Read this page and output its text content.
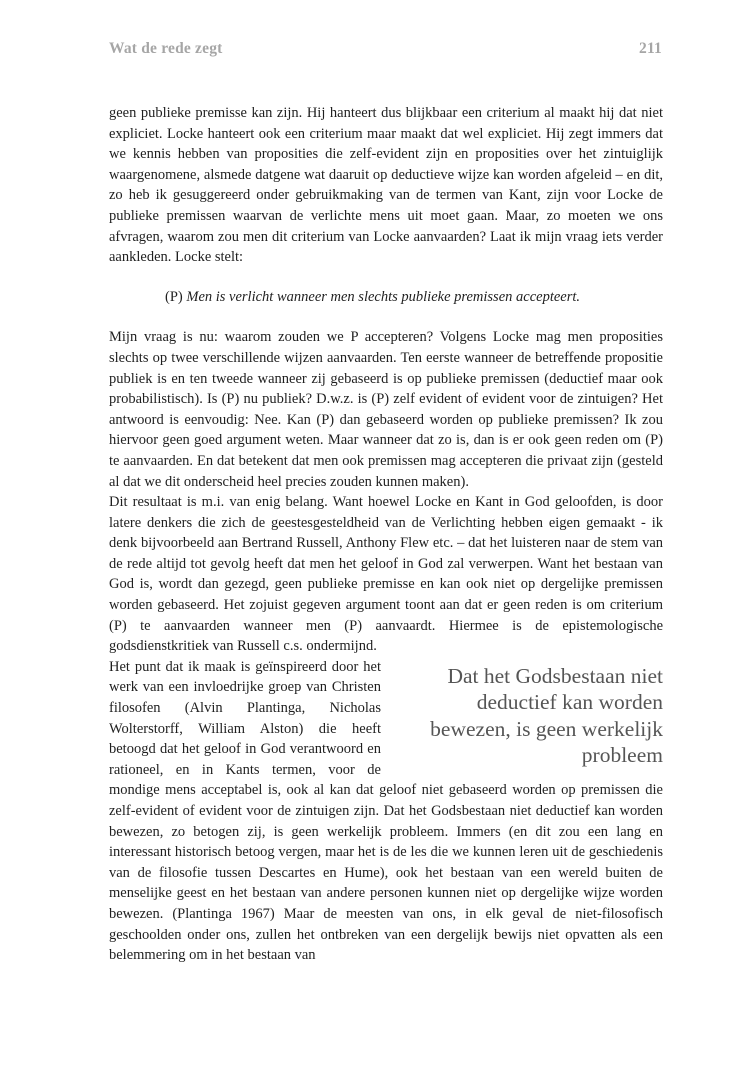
Wat de rede zegt	211

geen publieke premisse kan zijn. Hij hanteert dus blijkbaar een criterium al maakt hij dat niet expliciet. Locke hanteert ook een criterium maar maakt dat wel expliciet. Hij zegt immers dat we kennis hebben van proposities die zelf-evident zijn en proposities over het zintuiglijk waargenomene, alsmede datgene wat daaruit op deductieve wijze kan worden afgeleid – en dit, zo heb ik gesuggereerd onder gebruikmaking van de termen van Kant, zijn voor Locke de publieke premissen waarvan de verlichte mens uit moet gaan. Maar, zo moeten we ons afvragen, waarom zou men dit criterium van Locke aanvaarden? Laat ik mijn vraag iets verder aankleden. Locke stelt:

(P) Men is verlicht wanneer men slechts publieke premissen accepteert.

Mijn vraag is nu: waarom zouden we P accepteren? Volgens Locke mag men proposities slechts op twee verschillende wijzen aanvaarden. Ten eerste wanneer de betreffende propositie publiek is en ten tweede wanneer zij gebaseerd is op publieke premissen (deductief maar ook probabilistisch). Is (P) nu publiek? D.w.z. is (P) zelf evident of evident voor de zintuigen? Het antwoord is eenvoudig: Nee. Kan (P) dan gebaseerd worden op publieke premissen? Ik zou hiervoor geen goed argument weten. Maar wanneer dat zo is, dan is er ook geen reden om (P) te aanvaarden. En dat betekent dat men ook premissen mag accepteren die privaat zijn (gesteld al dat we dit onderscheid heel precies zouden kunnen maken).

Dit resultaat is m.i. van enig belang. Want hoewel Locke en Kant in God geloofden, is door latere denkers die zich de geestesgesteldheid van de Verlichting hebben eigen gemaakt - ik denk bijvoorbeeld aan Bertrand Russell, Anthony Flew etc. – dat het luisteren naar de stem van de rede altijd tot gevolg heeft dat men het geloof in God zal verwerpen. Want het bestaan van God is, wordt dan gezegd, geen publieke premisse en kan ook niet op dergelijke premissen worden gebaseerd. Het zojuist gegeven argument toont aan dat er geen reden is om criterium (P) te aanvaarden wanneer men (P) aanvaardt. Hiermee is de epistemologische godsdienstkritiek van Russell c.s. ondermijnd.

Dat het Godsbestaan niet deductief kan worden bewezen, is geen werkelijk probleem

Het punt dat ik maak is geïnspireerd door het werk van een invloedrijke groep van Christen filosofen (Alvin Plantinga, Nicholas Wolterstorff, William Alston) die heeft betoogd dat het geloof in God verantwoord en rationeel, en in Kants termen, voor de mondige mens acceptabel is, ook al kan dat geloof niet gebaseerd worden op premissen die zelf-evident of evident voor de zintuigen zijn. Dat het Godsbestaan niet deductief kan worden bewezen, zo betogen zij, is geen werkelijk probleem. Immers (en dit zou een lang en interessant historisch betoog vergen, maar het is de les die we kunnen leren uit de geschiedenis van de filosofie tussen Descartes en Hume), ook het bestaan van een wereld buiten de menselijke geest en het bestaan van andere personen kunnen niet op dergelijke wijze worden bewezen. (Plantinga 1967) Maar de meesten van ons, in elk geval de niet-filosofisch geschoolden onder ons, zullen het ontbreken van een dergelijk bewijs niet opvatten als een belemmering om in het bestaan van
